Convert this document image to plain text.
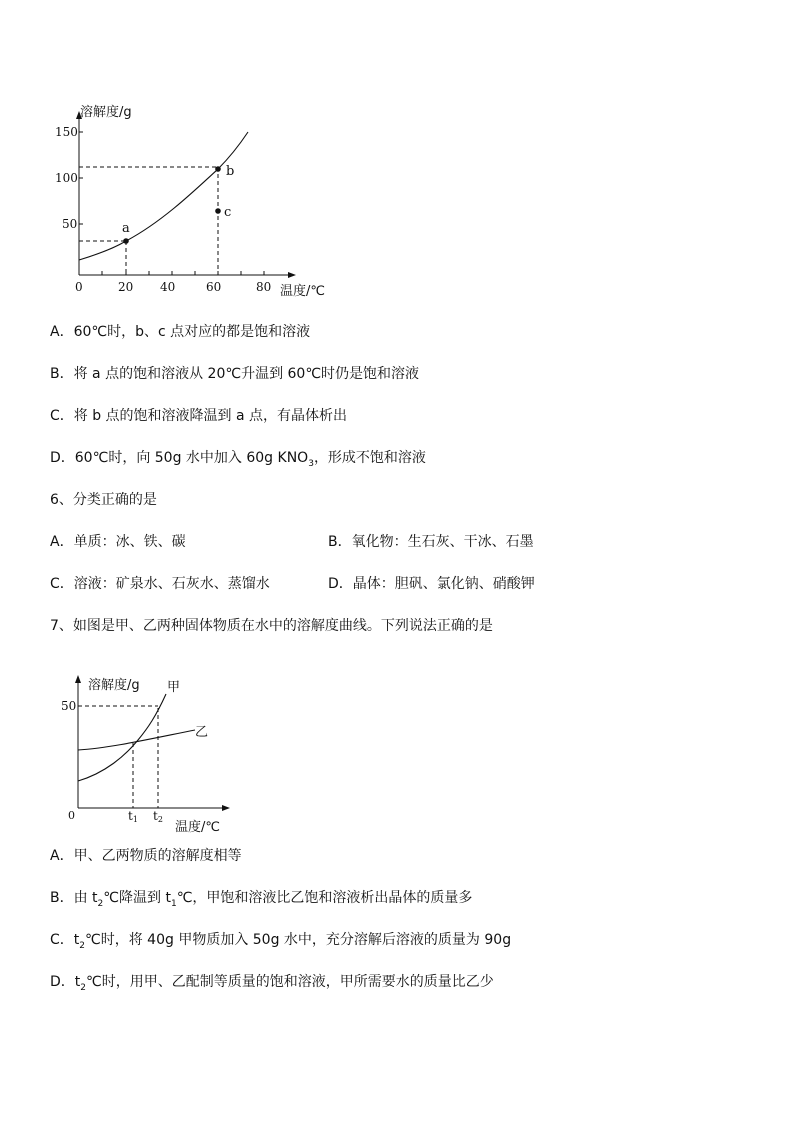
a
b
c
150
100
50
0	20 40	60	80
溶解度/g
温度/℃
A．60℃时，b、c 点对应的都是饱和溶液
B．将 a 点的饱和溶液从 20℃升温到 60℃时仍是饱和溶液
C．将 b 点的饱和溶液降温到 a 点，有晶体析出
D．60℃时，向 50g 水中加入 60g $KNO_3$，形成不饱和溶液
6、分类正确的是
A．单质：冰、铁、碳	B．氧化物：生石灰、干冰、石墨
C．溶液：矿泉水、石灰水、蒸馏水	D．晶体：胆矾、氯化钠、硝酸钾
7、如图是甲、乙两种固体物质在水中的溶解度曲线。下列说法正确的是
溶解度/g 甲
乙
50
0	t1 t2
温度/℃
A．甲、乙两物质的溶解度相等
B．由 $t_2℃$降温到 $t_1℃$，甲饱和溶液比乙饱和溶液析出晶体的质量多
C．$t_2℃$时，将 40g 甲物质加入 50g 水中，充分溶解后溶液的质量为 90g
D．$t_2℃$时，用甲、乙配制等质量的饱和溶液，甲所需要水的质量比乙少
